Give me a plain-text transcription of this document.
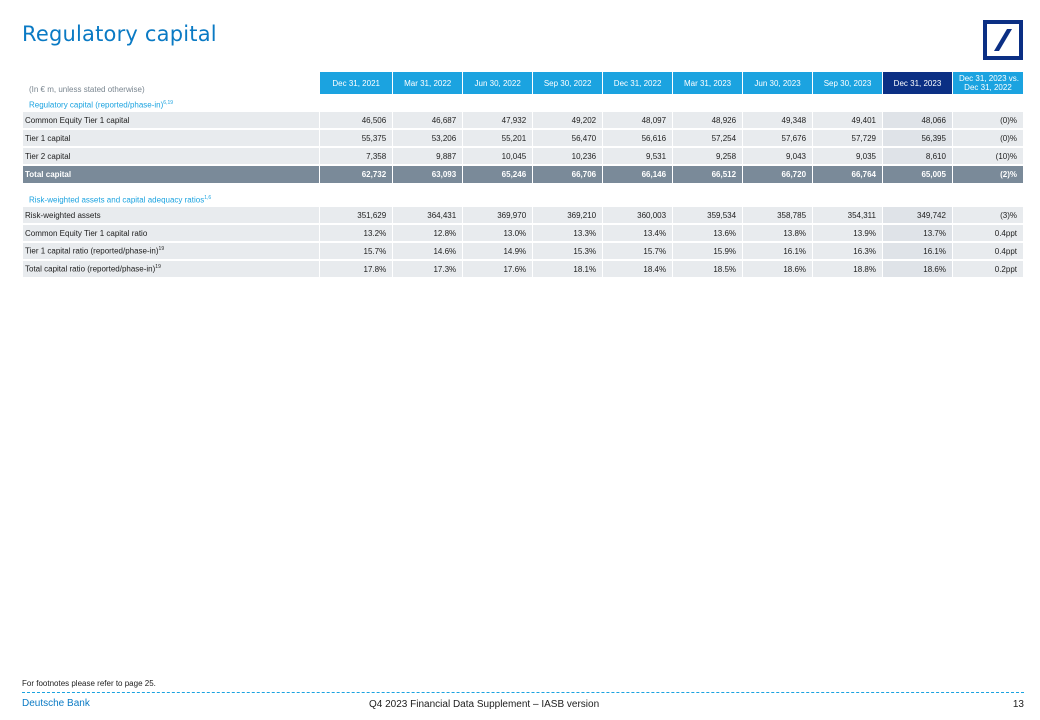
Regulatory capital
(In € m, unless stated otherwise)	Dec 31, 2021	Mar 31, 2022	Jun 30, 2022	Sep 30, 2022	Dec 31, 2022	Mar 31, 2023	Jun 30, 2023	Sep 30, 2023	Dec 31, 2023	Dec 31, 2023 vs.
Dec 31, 2022
Regulatory capital (reported/phase-in)$^{6,19}$
Common Equity Tier 1 capital	46,506	46,687	47,932	49,202	48,097	48,926	49,348	49,401	48,066	(0)%
Tier 1 capital	55,375	53,206	55,201	56,470	56,616	57,254	57,676	57,729	56,395	(0)%
Tier 2 capital	7,358	9,887	10,045	10,236	9,531	9,258	9,043	9,035	8,610	(10)%
Total capital	62,732	63,093	65,246	66,706	66,146	66,512	66,720	66,764	65,005	(2)%
Risk-weighted assets and capital adequacy ratios$^{1,6}$
Risk-weighted assets	351,629	364,431	369,970	369,210	360,003	359,534	358,785	354,311	349,742	(3)%
Common Equity Tier 1 capital ratio	13.2%	12.8%	13.0%	13.3%	13.4%	13.6%	13.8%	13.9%	13.7%	0.4ppt
Tier 1 capital ratio (reported/phase-in)$^{19}$	15.7%	14.6%	14.9%	15.3%	15.7%	15.9%	16.1%	16.3%	16.1%	0.4ppt
Total capital ratio (reported/phase-in)$^{19}$	17.8%	17.3%	17.6%	18.1%	18.4%	18.5%	18.6%	18.8%	18.6%	0.2ppt
For footnotes please refer to page 25.
Deutsche Bank	Q4 2023 Financial Data Supplement – IASB version	13
